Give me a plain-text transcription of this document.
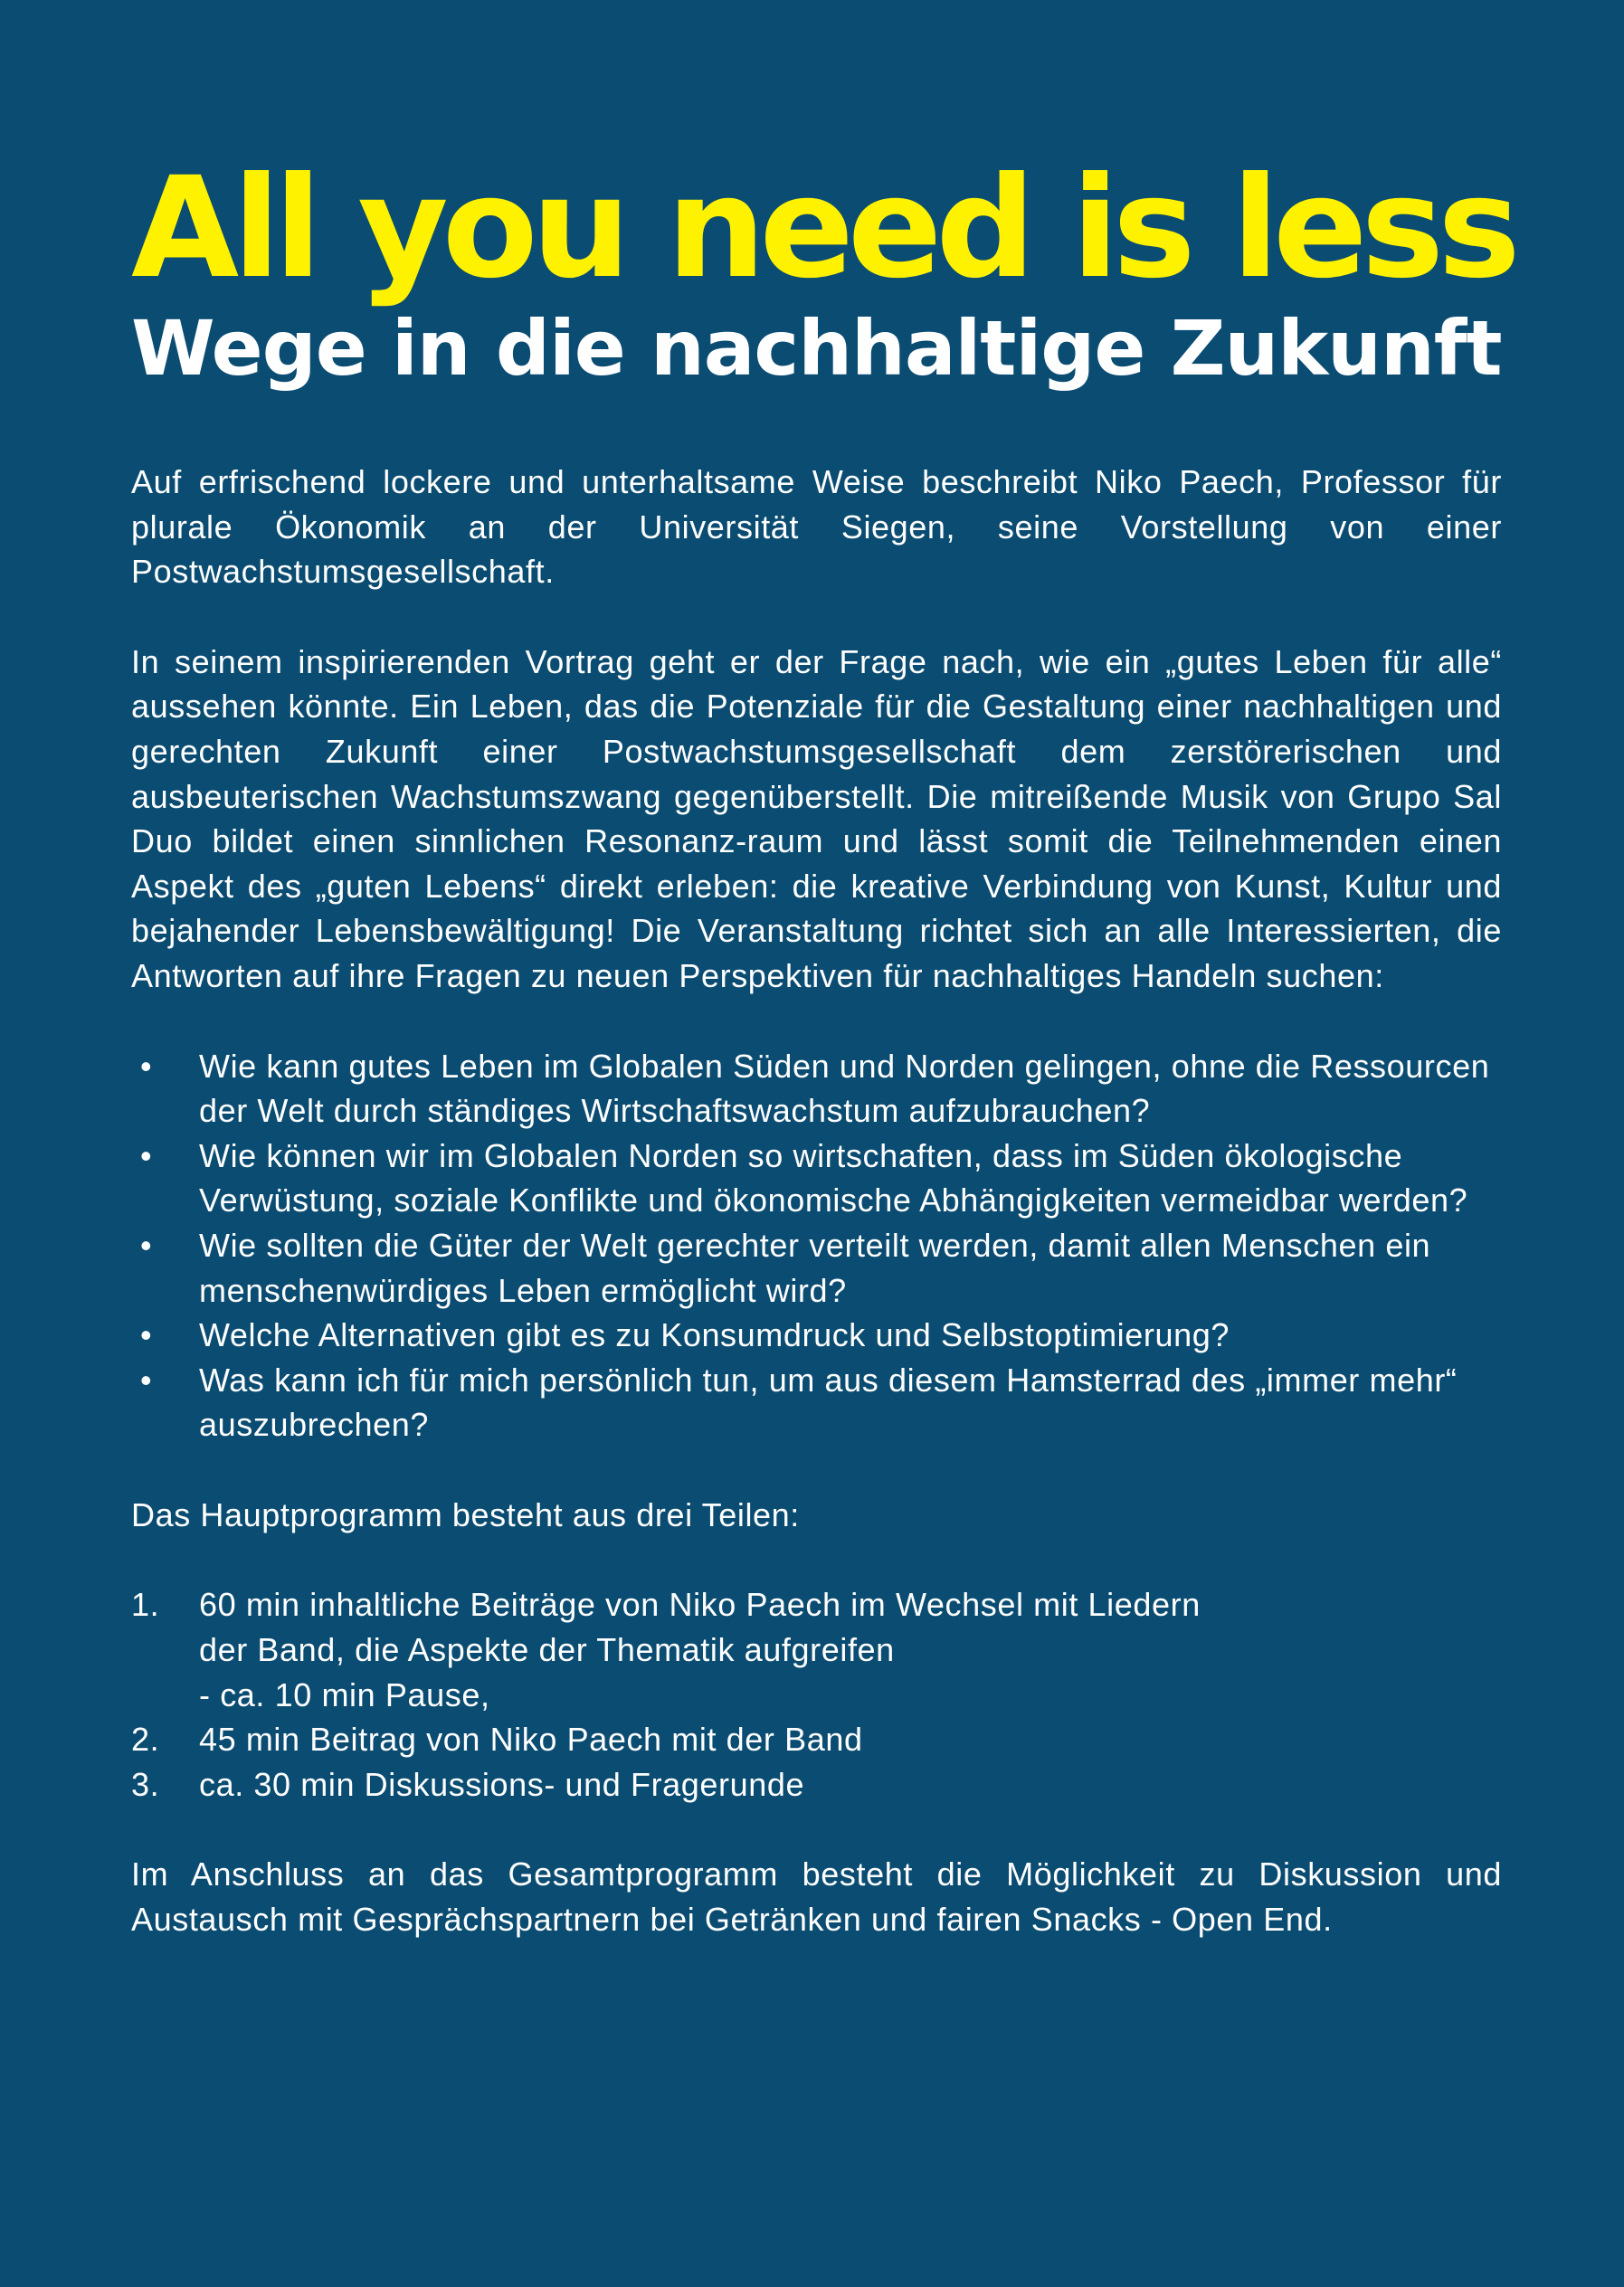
All you need is less
Wege in die nachhaltige Zukunft

Auf erfrischend lockere und unterhaltsame Weise beschreibt Niko Paech, Professor für plurale Ökonomik an der Universität Siegen, seine Vorstellung von einer Postwachstumsgesellschaft.

In seinem inspirierenden Vortrag geht er der Frage nach, wie ein „gutes Leben für alle“ aussehen könnte. Ein Leben, das die Potenziale für die Gestaltung einer nachhaltigen und gerechten Zukunft einer Postwachstumsgesellschaft dem zerstörerischen und ausbeuterischen Wachstumszwang gegenüberstellt. Die mitreißende Musik von Grupo Sal Duo bildet einen sinnlichen Resonanz-raum und lässt somit die Teilnehmenden einen Aspekt des „guten Lebens“ direkt erleben: die kreative Verbindung von Kunst, Kultur und bejahender Lebensbewältigung! Die Veranstaltung richtet sich an alle Interessierten, die Antworten auf ihre Fragen zu neuen Perspektiven für nachhaltiges Handeln suchen:

• Wie kann gutes Leben im Globalen Süden und Norden gelingen, ohne die Ressourcen der Welt durch ständiges Wirtschaftswachstum aufzubrauchen?
• Wie können wir im Globalen Norden so wirtschaften, dass im Süden ökologische Verwüstung, soziale Konflikte und ökonomische Abhängigkeiten vermeidbar werden?
• Wie sollten die Güter der Welt gerechter verteilt werden, damit allen Menschen ein menschenwürdiges Leben ermöglicht wird?
• Welche Alternativen gibt es zu Konsumdruck und Selbstoptimierung?
• Was kann ich für mich persönlich tun, um aus diesem Hamsterrad des „immer mehr“ auszubrechen?

Das Hauptprogramm besteht aus drei Teilen:

1. 60 min inhaltliche Beiträge von Niko Paech im Wechsel mit Liedern
der Band, die Aspekte der Thematik aufgreifen
- ca. 10 min Pause,
2. 45 min Beitrag von Niko Paech mit der Band
3. ca. 30 min Diskussions- und Fragerunde

Im Anschluss an das Gesamtprogramm besteht die Möglichkeit zu Diskussion und Austausch mit Gesprächspartnern bei Getränken und fairen Snacks - Open End.
